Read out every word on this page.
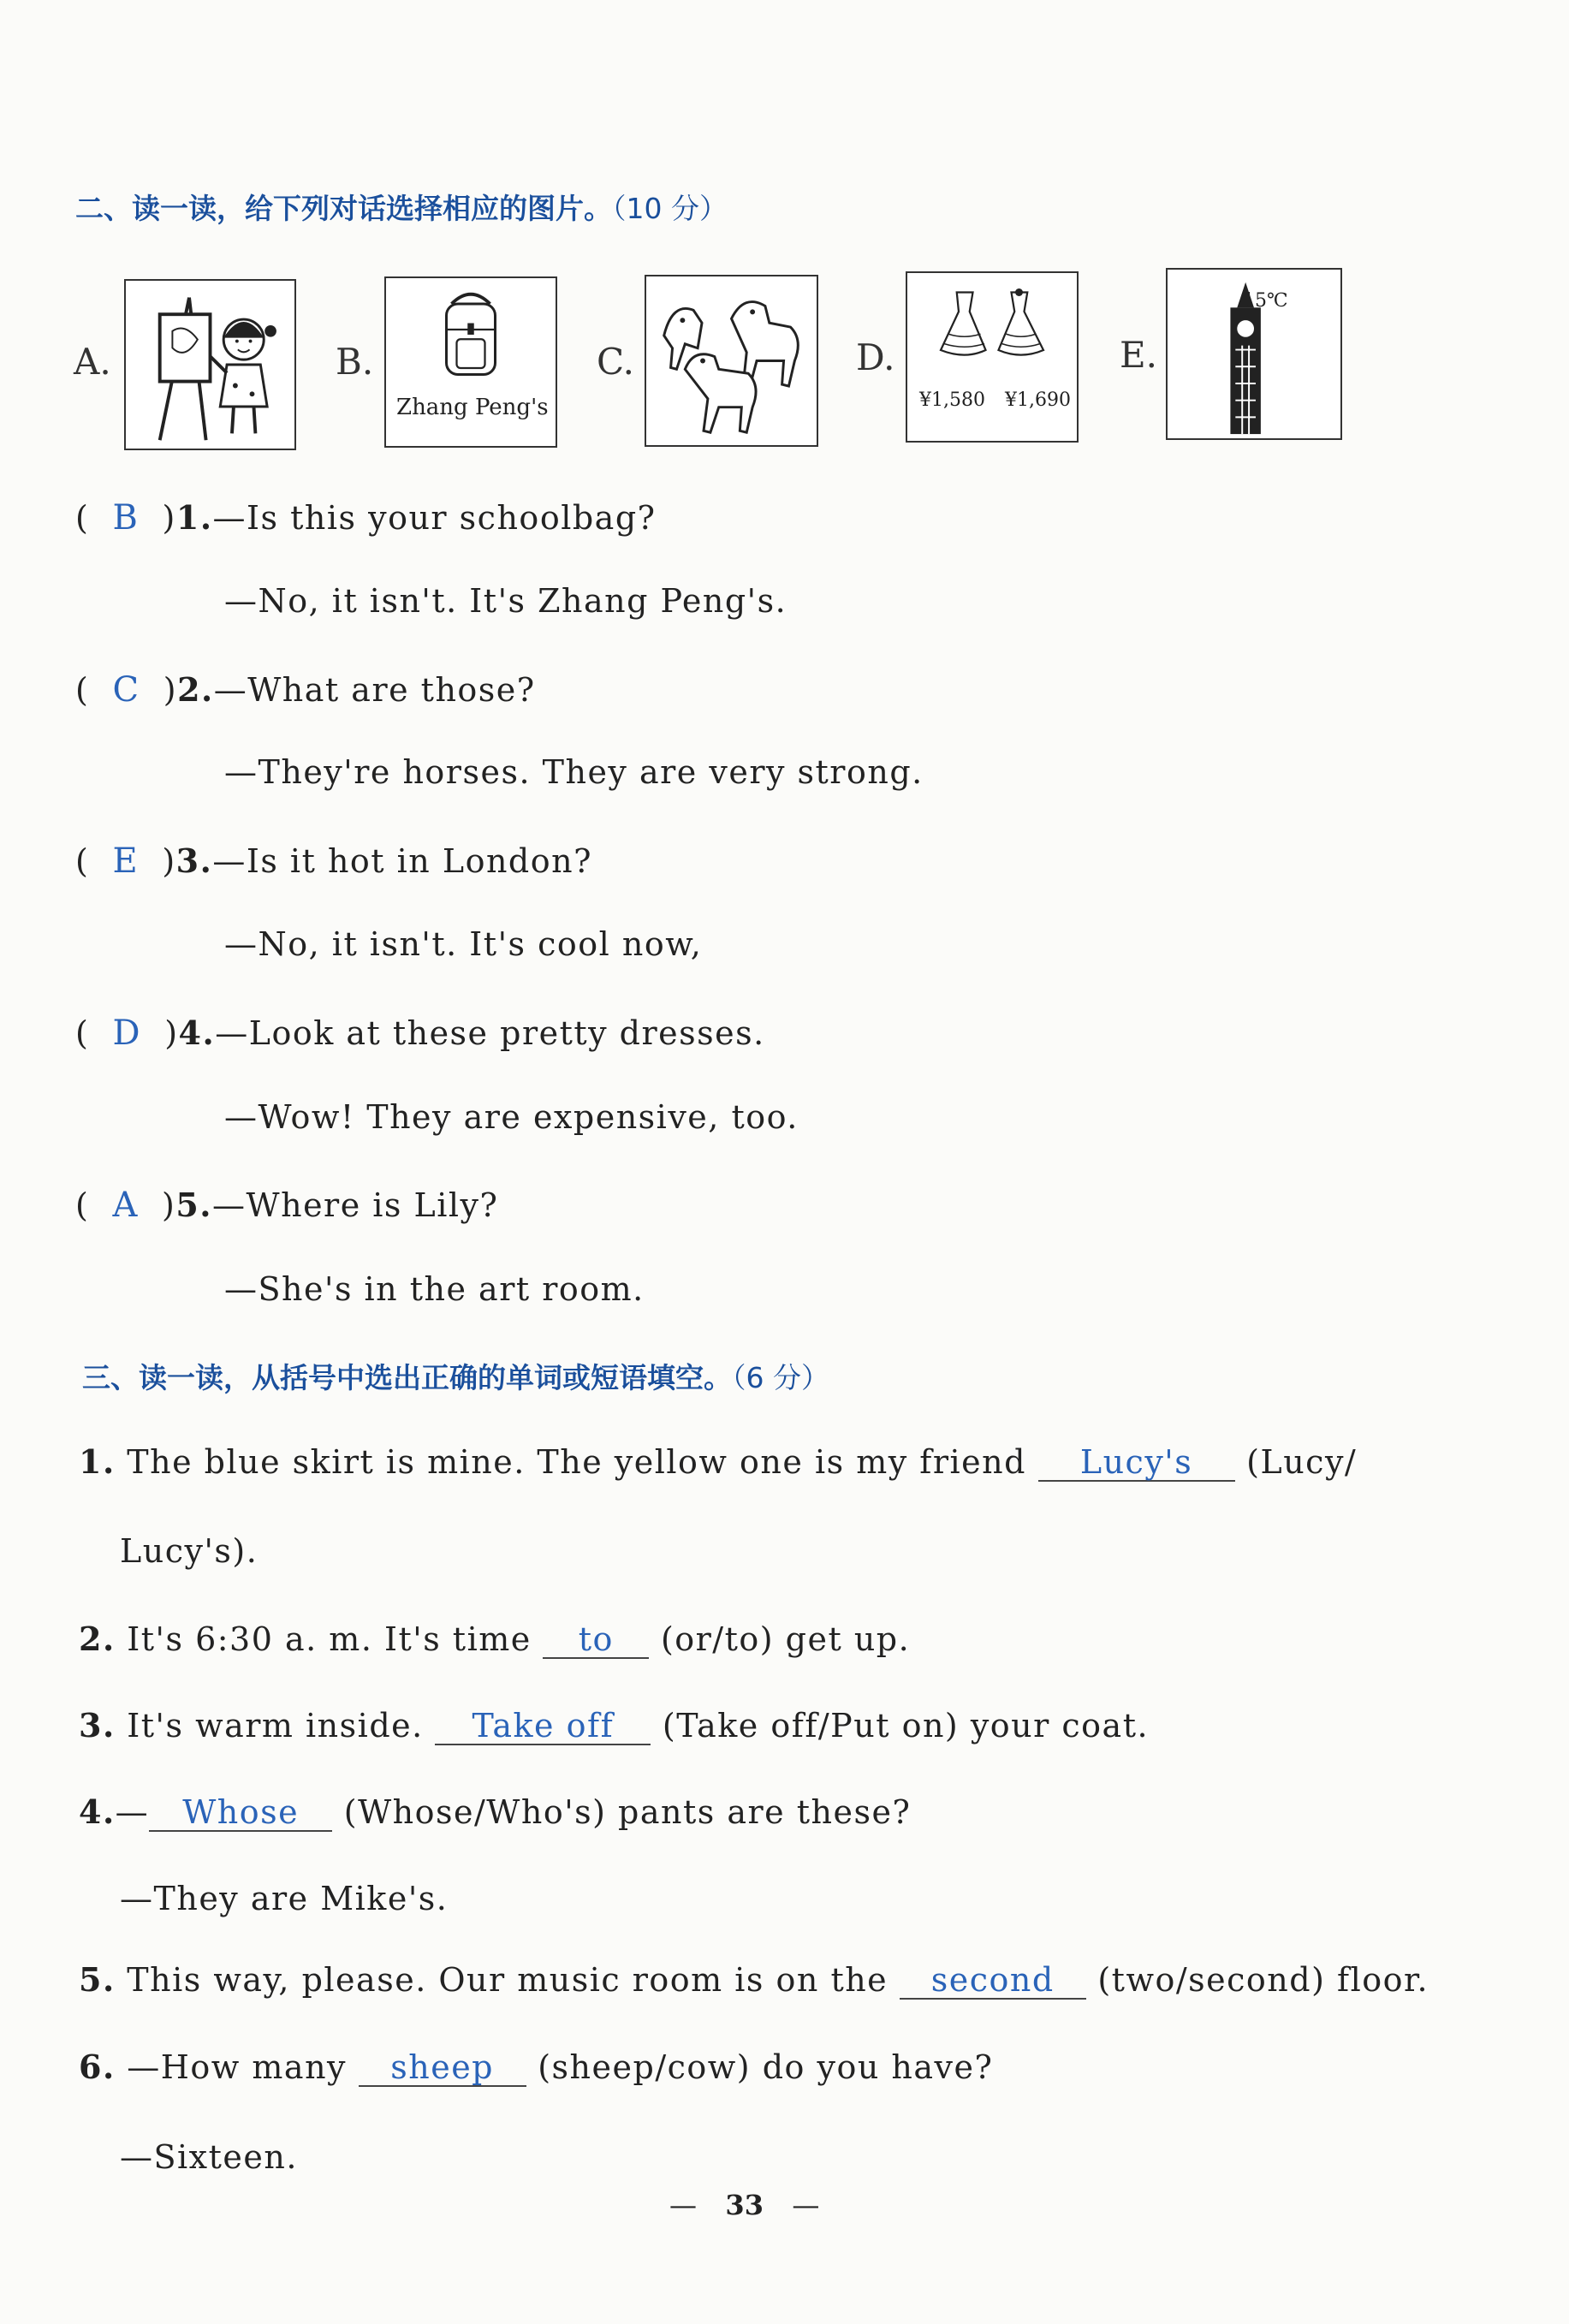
二、读一读，给下列对话选择相应的图片。（10 分）
A.	B.
Zhang Peng's
C.	D.
¥1,580 ¥1,690
E.
15℃
(  B  )1.—Is this your schoolbag?
—No, it isn't. It's Zhang Peng's.
(  C  )2.—What are those?
—They're horses. They are very strong.
(  E  )3.—Is it hot in London?
—No, it isn't. It's cool now,
(  D  )4.—Look at these pretty dresses.
—Wow! They are expensive, too.
(  A  )5.—Where is Lily?
—She's in the art room.
三、读一读，从括号中选出正确的单词或短语填空。（6 分）
1. The blue skirt is mine. The yellow one is my friend Lucy's (Lucy/
Lucy's).
2. It's 6:30 a. m. It's time to (or/to) get up.
3. It's warm inside. Take off (Take off/Put on) your coat.
4.— Whose (Whose/Who's) pants are these?
—They are Mike's.
5. This way, please. Our music room is on the second (two/second) floor.
6. —How many sheep (sheep/cow) do you have?
—Sixteen.
— 33 —
